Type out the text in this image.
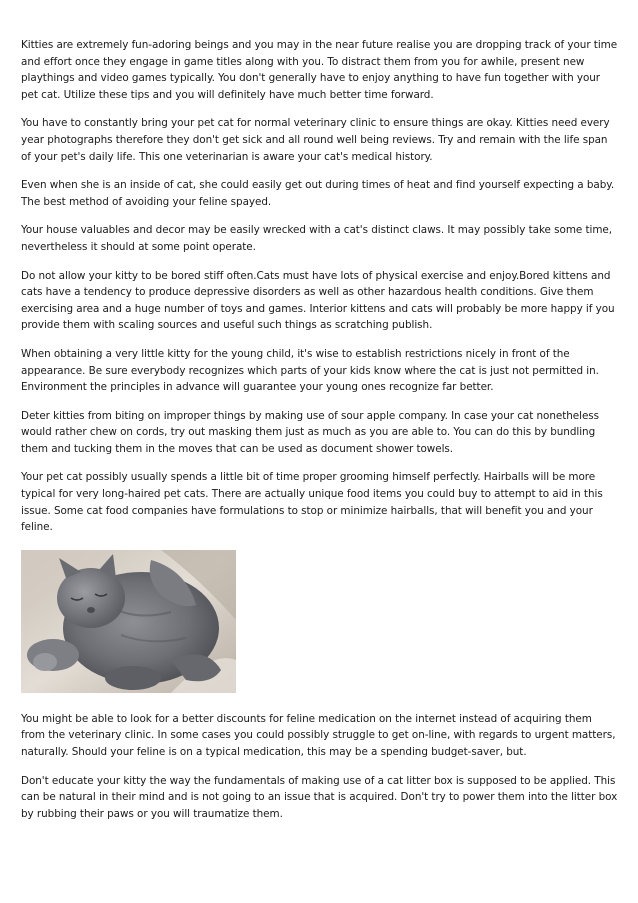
Kitties are extremely fun-adoring beings and you may in the near future realise you are dropping track of your time and effort once they engage in game titles along with you. To distract them from you for awhile, present new playthings and video games typically. You don't generally have to enjoy anything to have fun together with your pet cat. Utilize these tips and you will definitely have much better time forward.

You have to constantly bring your pet cat for normal veterinary clinic to ensure things are okay. Kitties need every year photographs therefore they don't get sick and all round well being reviews. Try and remain with the life span of your pet's daily life. This one veterinarian is aware your cat's medical history.

Even when she is an inside of cat, she could easily get out during times of heat and find yourself expecting a baby. The best method of avoiding your feline spayed.

Your house valuables and decor may be easily wrecked with a cat's distinct claws. It may possibly take some time, nevertheless it should at some point operate.

Do not allow your kitty to be bored stiff often.Cats must have lots of physical exercise and enjoy.Bored kittens and cats have a tendency to produce depressive disorders as well as other hazardous health conditions. Give them exercising area and a huge number of toys and games. Interior kittens and cats will probably be more happy if you provide them with scaling sources and useful such things as scratching publish.

When obtaining a very little kitty for the young child, it's wise to establish restrictions nicely in front of the appearance. Be sure everybody recognizes which parts of your kids know where the cat is just not permitted in. Environment the principles in advance will guarantee your young ones recognize far better.

Deter kitties from biting on improper things by making use of sour apple company. In case your cat nonetheless would rather chew on cords, try out masking them just as much as you are able to. You can do this by bundling them and tucking them in the moves that can be used as document shower towels.

Your pet cat possibly usually spends a little bit of time proper grooming himself perfectly. Hairballs will be more typical for very long-haired pet cats. There are actually unique food items you could buy to attempt to aid in this issue. Some cat food companies have formulations to stop or minimize hairballs, that will benefit you and your feline.

You might be able to look for a better discounts for feline medication on the internet instead of acquiring them from the veterinary clinic. In some cases you could possibly struggle to get on-line, with regards to urgent matters, naturally. Should your feline is on a typical medication, this may be a spending budget-saver, but.

Don't educate your kitty the way the fundamentals of making use of a cat litter box is supposed to be applied. This can be natural in their mind and is not going to an issue that is acquired. Don't try to power them into the litter box by rubbing their paws or you will traumatize them.
